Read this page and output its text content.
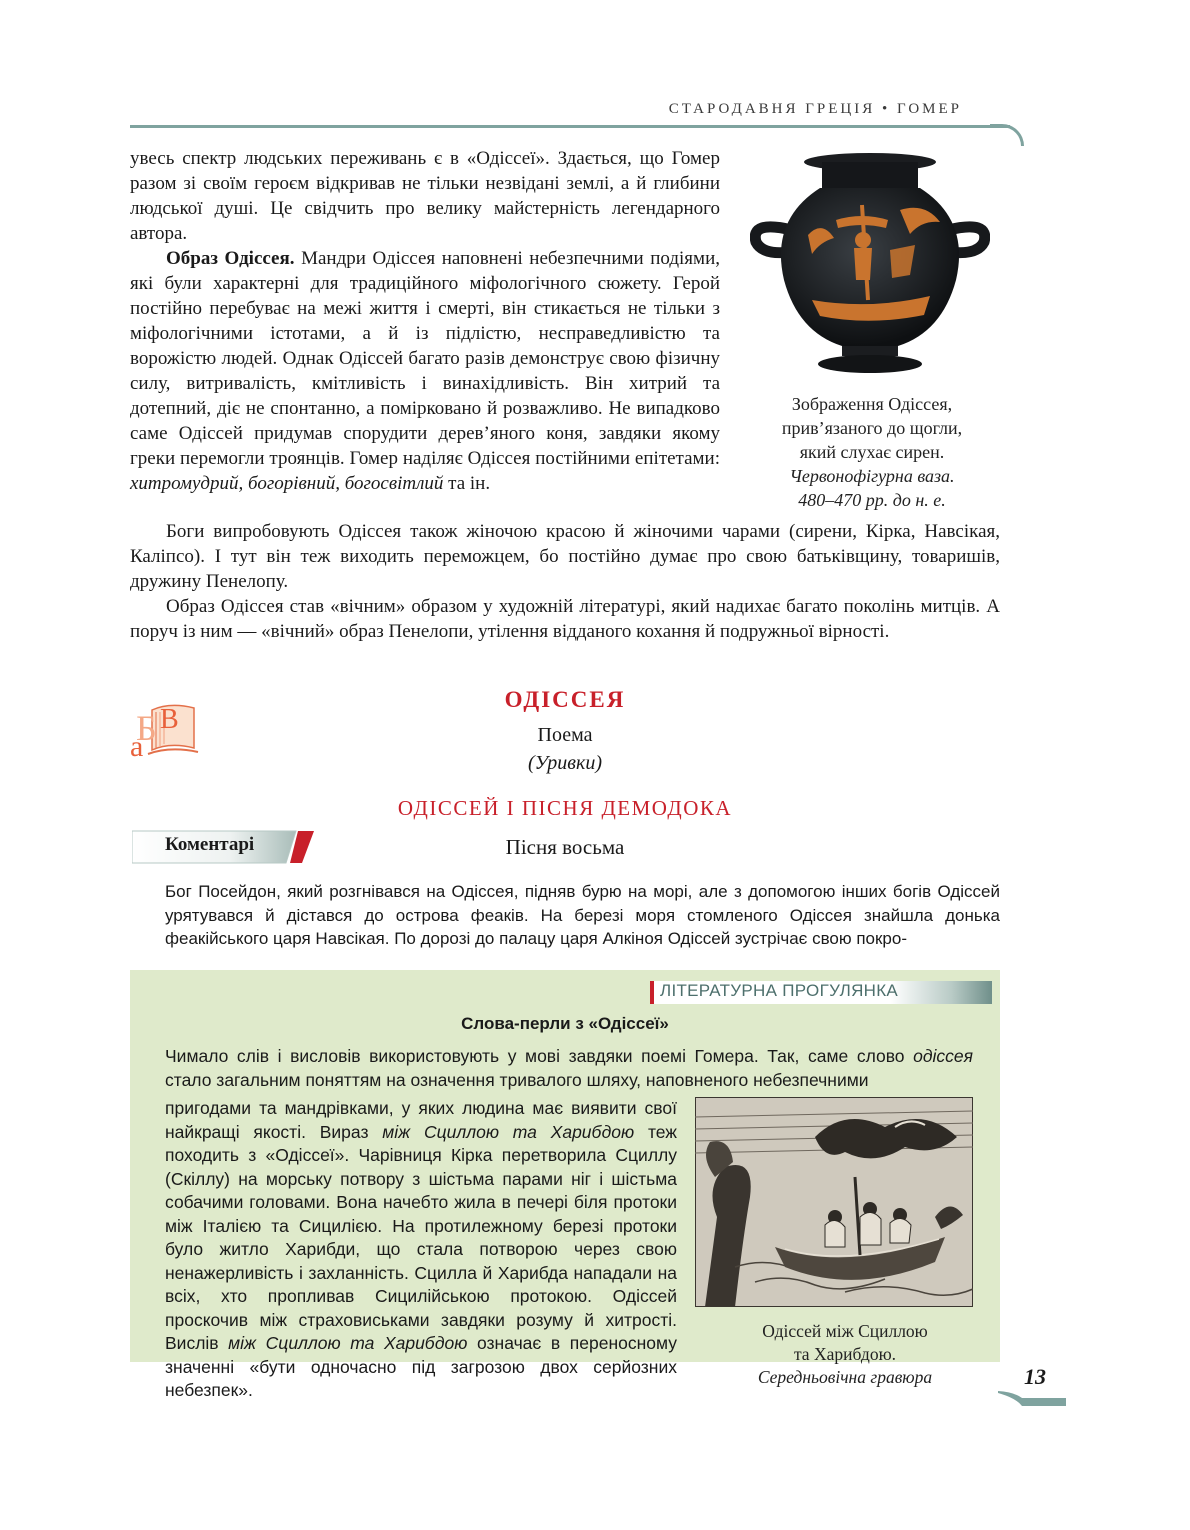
СТАРОДАВНЯ ГРЕЦІЯ • ГОМЕР

увесь спектр людських переживань є в «Одіссеї». Здається, що Гомер разом зі своїм героєм відкривав не тільки незвідані землі, а й глибини людської душі. Це свідчить про велику майстерність легендарного автора.

Образ Одіссея. Мандри Одіссея наповнені небезпечними подіями, які були характерні для традиційного міфологічного сюжету. Герой постійно перебуває на межі життя і смерті, він стикається не тільки з міфологічними істотами, а й із підлістю, несправедливістю та ворожістю людей. Однак Одіссей багато разів демонструє свою фізичну силу, витривалість, кмітливість і винахідливість. Він хитрий та дотепний, діє не спонтанно, а помірковано й розважливо. Не випадково саме Одіссей придумав спорудити дерев’яного коня, завдяки якому греки перемогли троянців. Гомер наділяє Одіссея постійними епітетами: хитромудрий, богорівний, богосвітлий та ін.

Зображення Одіссея,
прив’язаного до щогли,
який слухає сирен.
Червонофігурна ваза.
480–470 рр. до н. е.

Боги випробовують Одіссея також жіночою красою й жіночими чарами (сирени, Кірка, Навсікая, Каліпсо). І тут він теж виходить переможцем, бо постійно думає про свою батьківщину, товаришів, дружину Пенелопу.

Образ Одіссея став «вічним» образом у художній літературі, який надихає багато поколінь митців. А поруч із ним — «вічний» образ Пенелопи, утілення відданого кохання й подружньої вірності.

Б В
а
ОДІССЕЯ
Поема
(Уривки)
ОДІССЕЙ І ПІСНЯ ДЕМОДОКА
Пісня восьма
Коментарі
Бог Посейдон, який розгнівався на Одіссея, підняв бурю на морі, але з допомогою інших богів Одіссей урятувався й дістався до острова феаків. На березі моря стомленого Одіссея знайшла донька феакійського царя Навсікая. По дорозі до палацу царя Алкіноя Одіссей зустрічає свою покро-
ЛІТЕРАТУРНА ПРОГУЛЯНКА
Слова-перли з «Одіссеї»

Чимало слів і висловів використовують у мові завдяки поемі Гомера. Так, саме слово одіссея стало загальним поняттям на означення тривалого шляху, наповненого небезпечними

пригодами та мандрівками, у яких людина має виявити свої найкращі якості. Вираз між Сциллою та Харибдою теж походить з «Одіссеї». Чарівниця Кірка перетворила Сциллу (Скіллу) на морську потвору з шістьма парами ніг і шістьма собачими головами. Вона начебто жила в печері біля протоки між Італією та Сицилією. На протилежному березі протоки було житло Харибди, що стала потворою через свою ненажерливість і захланність. Сцилла й Харибда нападали на всіх, хто пропливав Сицилійською протокою. Одіссей проскочив між страховиськами завдяки розуму й хитрості. Вислів між Сциллою та Харибдою означає в переносному значенні «бути одночасно під загрозою двох серйозних небезпек».

Одіссей між Сциллою
та Харибдою.
Середньовічна гравюра	13
